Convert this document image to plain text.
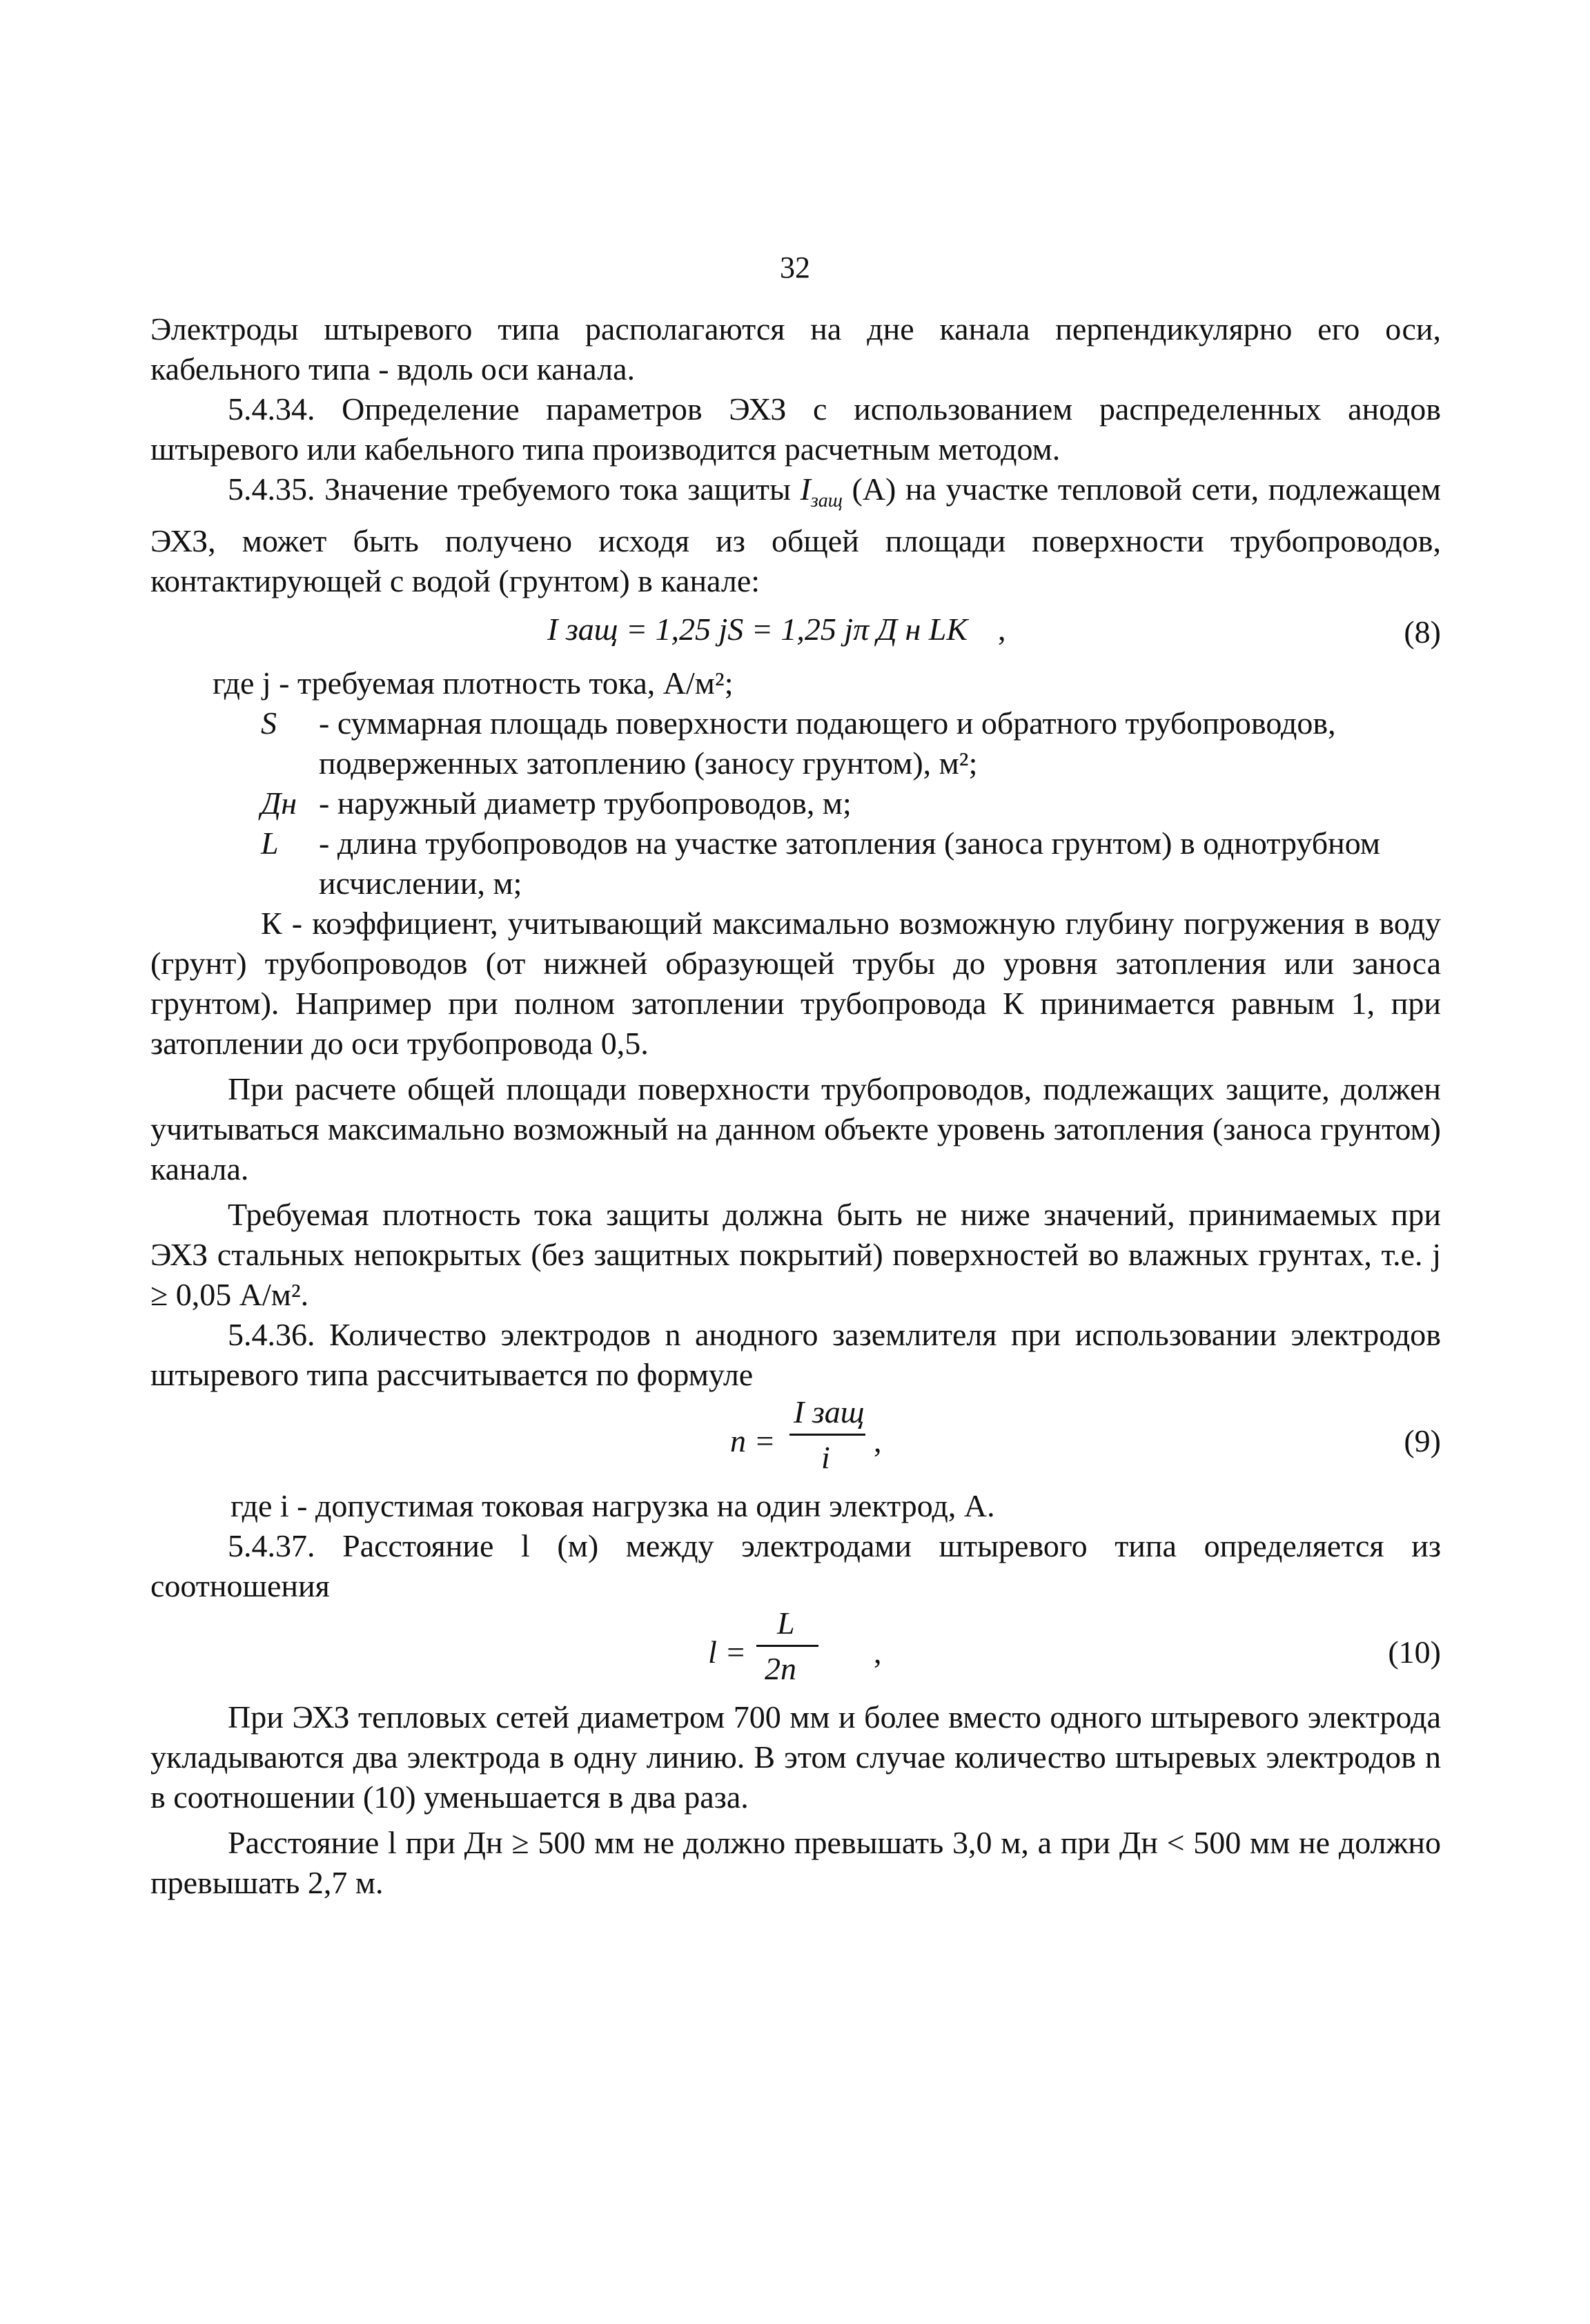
32

Электроды штыревого типа располагаются на дне канала перпендикулярно его оси, кабельного типа - вдоль оси канала.

5.4.34. Определение параметров ЭХЗ с использованием распределенных анодов штыревого или кабельного типа производится расчетным методом.

5.4.35. Значение требуемого тока защиты $I_{защ}$ (А) на участке тепловой сети, подлежащем ЭХЗ, может быть получено исходя из общей площади поверхности трубопроводов, контактирующей с водой (грунтом) в канале:

I защ = 1,25 jS = 1,25 jπ Д н LK ,	(8)

где j - требуемая плотность тока, А/м²;

S - суммарная площадь поверхности подающего и обратного трубопроводов, подверженных затоплению (заносу грунтом), м²;

Дн - наружный диаметр трубопроводов, м;

L - длина трубопроводов на участке затопления (заноса грунтом) в однотрубном исчислении, м;

К - коэффициент, учитывающий максимально возможную глубину погружения в воду (грунт) трубопроводов (от нижней образующей трубы до уровня затопления или заноса грунтом). Например при полном затоплении трубопровода К принимается равным 1, при затоплении до оси трубопровода 0,5.

При расчете общей площади поверхности трубопроводов, подлежащих защите, должен учитываться максимально возможный на данном объекте уровень затопления (заноса грунтом) канала.

Требуемая плотность тока защиты должна быть не ниже значений, принимаемых при ЭХЗ стальных непокрытых (без защитных покрытий) поверхностей во влажных грунтах, т.е. j ≥ 0,05 А/м².

5.4.36. Количество электродов n анодного заземлителя при использовании электродов штыревого типа рассчитывается по формуле

n =
I защ
i ,	(9)

где i - допустимая токовая нагрузка на один электрод, А.

5.4.37. Расстояние l (м) между электродами штыревого типа определяется из соотношения

l =
L
2n ,	(10)

При ЭХЗ тепловых сетей диаметром 700 мм и более вместо одного штыревого электрода укладываются два электрода в одну линию. В этом случае количество штыревых электродов n в соотношении (10) уменьшается в два раза.

Расстояние l при Дн ≥ 500 мм не должно превышать 3,0 м, а при Дн < 500 мм не должно превышать 2,7 м.
